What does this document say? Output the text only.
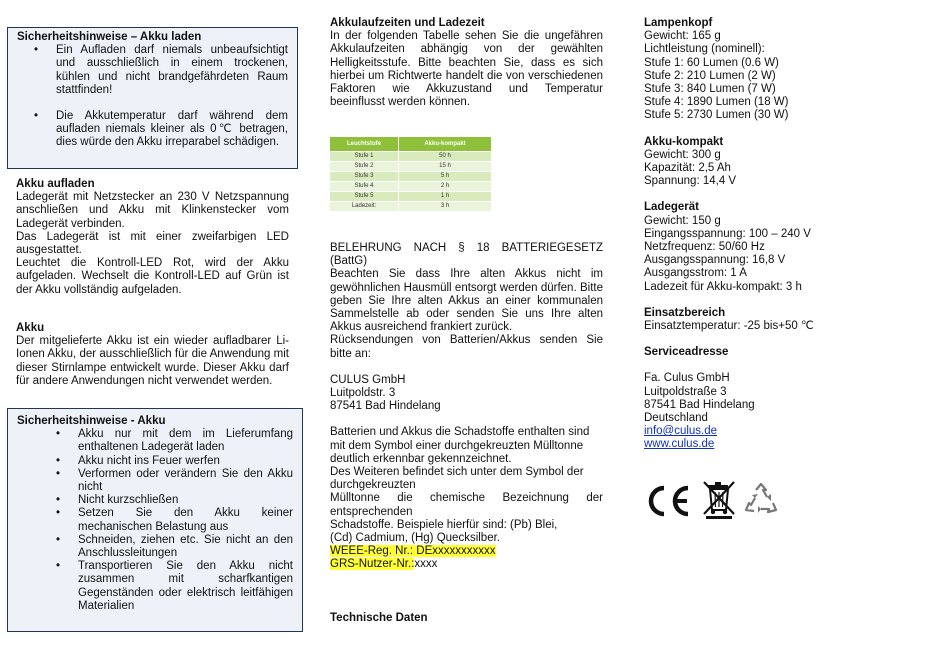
Sicherheitshinweise – Akku laden

• Ein Aufladen darf niemals unbeaufsichtigt und ausschließlich in einem trockenen, kühlen und nicht brandgefährdeten Raum stattfinden!
• Die Akkutemperatur darf während dem aufladen niemals kleiner als 0℃ betragen, dies würde den Akku irreparabel schädigen.

Akku aufladen

Ladegerät mit Netzstecker an 230 V Netzspannung anschließen und Akku mit Klinkenstecker vom Ladegerät verbinden.

Das Ladegerät ist mit einer zweifarbigen LED ausgestattet.

Leuchtet die Kontroll-LED Rot, wird der Akku aufgeladen. Wechselt die Kontroll-LED auf Grün ist der Akku vollständig aufgeladen.

Akku

Der mitgelieferte Akku ist ein wieder aufladbarer Li-Ionen Akku, der ausschließlich für die Anwendung mit dieser Stirnlampe entwickelt wurde. Dieser Akku darf für andere Anwendungen nicht verwendet werden.

Sicherheitshinweise - Akku

• Akku nur mit dem im Lieferumfang enthaltenen Ladegerät laden
• Akku nicht ins Feuer werfen
• Verformen oder verändern Sie den Akku nicht
• Nicht kurzschließen
• Setzen Sie den Akku keiner mechanischen Belastung aus
• Schneiden, ziehen etc. Sie nicht an den Anschlussleitungen
• Transportieren Sie den Akku nicht zusammen mit scharfkantigen Gegenständen oder elektrisch leitfähigen Materialien

Akkulaufzeiten und Ladezeit

In der folgenden Tabelle sehen Sie die ungefähren Akkulaufzeiten abhängig von der gewählten Helligkeitsstufe. Bitte beachten Sie, dass es sich hierbei um Richtwerte handelt die von verschiedenen Faktoren wie Akkuzustand und Temperatur beeinflusst werden können.

Leuchtstufe	Akku-kompakt
Stufe 1	50 h
Stufe 2	15 h
Stufe 3	5 h
Stufe 4	2 h
Stufe 5	1 h
Ladezeit:	3 h

BELEHRUNG NACH § 18 BATTERIEGESETZ (BattG)

Beachten Sie dass Ihre alten Akkus nicht im gewöhnlichen Hausmüll entsorgt werden dürfen. Bitte geben Sie Ihre alten Akkus an einer kommunalen Sammelstelle ab oder senden Sie uns Ihre alten Akkus ausreichend frankiert zurück.

Rücksendungen von Batterien/Akkus senden Sie bitte an:

CULUS GmbH

Luitpoldstr. 3

87541 Bad Hindelang

Batterien und Akkus die Schadstoffe enthalten sind mit dem Symbol einer durchgekreuzten Mülltonne deutlich erkennbar gekennzeichnet.

Des Weiteren befindet sich unter dem Symbol der durchgekreuzten

Mülltonne die chemische Bezeichnung der entsprechenden

Schadstoffe. Beispiele hierfür sind: (Pb) Blei,

(Cd) Cadmium, (Hg) Quecksilber.

WEEE-Reg. Nr.: DExxxxxxxxxxx

GRS-Nutzer-Nr.:xxxx

Technische Daten

Lampenkopf

Gewicht: 165 g

Lichtleistung (nominell):

Stufe 1: 60 Lumen (0.6 W)

Stufe 2: 210 Lumen (2 W)

Stufe 3: 840 Lumen (7 W)

Stufe 4: 1890 Lumen (18 W)

Stufe 5: 2730 Lumen (30 W)

Akku-kompakt

Gewicht: 300 g

Kapazität: 2,5 Ah

Spannung: 14,4 V

Ladegerät

Gewicht: 150 g

Eingangsspannung: 100 – 240 V

Netzfrequenz: 50/60 Hz

Ausgangsspannung: 16,8 V

Ausgangsstrom: 1 A

Ladezeit für Akku-kompakt: 3 h

Einsatzbereich

Einsatztemperatur: -25 bis+50 ℃

Serviceadresse

Fa. Culus GmbH

Luitpoldstraße 3

87541 Bad Hindelang

Deutschland

info@culus.de

www.culus.de
